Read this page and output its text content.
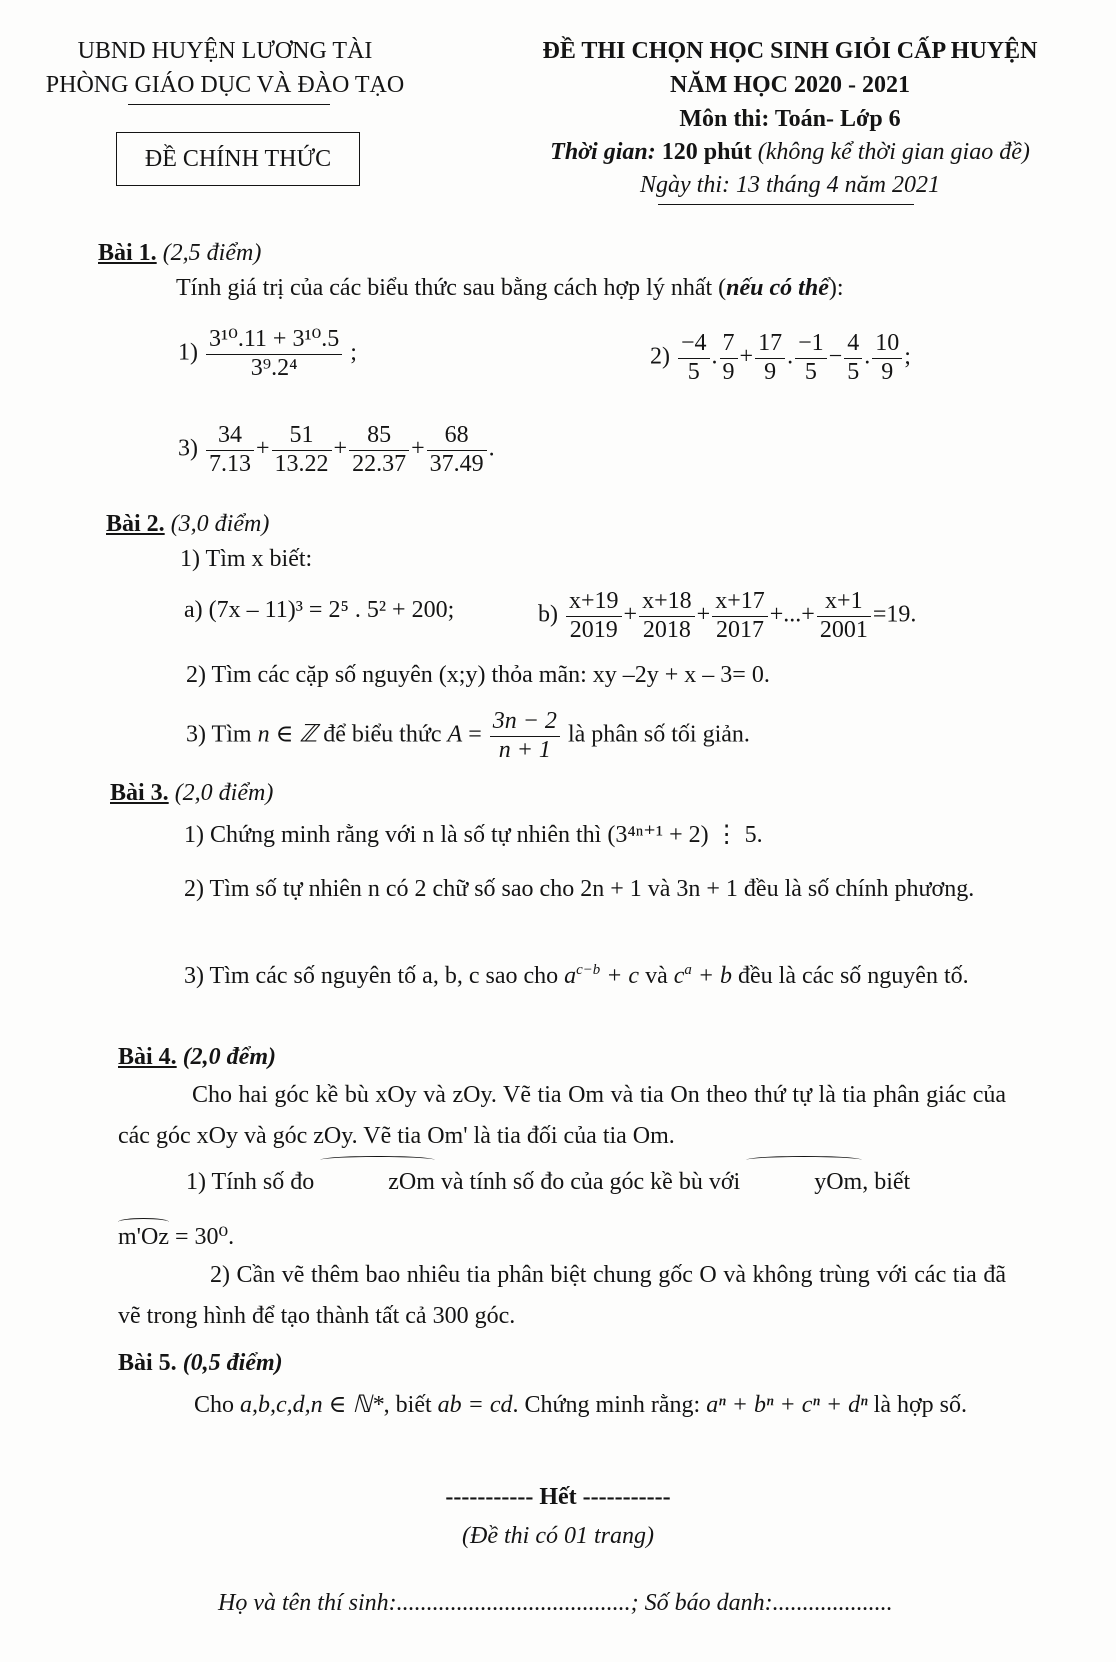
UBND HUYỆN LƯƠNG TÀI
PHÒNG GIÁO DỤC VÀ ĐÀO TẠO
ĐỀ CHÍNH THỨC
ĐỀ THI CHỌN HỌC SINH GIỎI CẤP HUYỆN
NĂM HỌC 2020 - 2021
Môn thi: Toán- Lớp 6
Thời gian: 120 phút (không kể thời gian giao đề)
Ngày thi: 13 tháng 4 năm 2021
Bài 1. (2,5 điểm)
Tính giá trị của các biểu thức sau bằng cách hợp lý nhất (nếu có thể):
$1) \frac{\text{3¹⁰.11 + 3¹⁰.5}}{\text{3⁹.2⁴}}$ ;	$2) \frac{-4}{5}$ . $\frac{7}{9} + \frac{17}{9}$ . $\frac{-1}{5} - \frac{4}{5}$ . $\frac{10}{9}$ ;
$3) \frac{34}{7.13} + \frac{51}{13.22} + \frac{85}{22.37} + \frac{68}{37.49}$ .
Bài 2. (3,0 điểm)
1) Tìm x biết:
a) (7x – 11)³ = 2⁵ . 5² + 200;	$b) \frac{x+19}{2019} + \frac{x+18}{2018} + \frac{x+17}{2017}$ +...+ $\frac{x+1}{2001} =19$.
2) Tìm các cặp số nguyên (x;y) thỏa mãn: xy –2y + x – 3= 0.
3) Tìm n ∈ ℤ để biểu thức $A = \frac{3n - 2}{n + 1}$ là phân số tối giản.
Bài 3. (2,0 điểm)
1) Chứng minh rằng với n là số tự nhiên thì (3⁴ⁿ⁺¹ + 2) ⋮ 5.
2) Tìm số tự nhiên n có 2 chữ số sao cho 2n + 1 và 3n + 1 đều là số chính phương.
3) Tìm các số nguyên tố a, b, c sao cho $a^{c-b} + c$ và $c^a + b$ đều là các số nguyên tố.
Bài 4. (2,0 đểm)
Cho hai góc kề bù xOy và zOy. Vẽ tia Om và tia On theo thứ tự là tia phân giác của các góc xOy và góc zOy. Vẽ tia Om' là tia đối của tia Om.
1) Tính số đo	zOm và tính số đo của góc kề bù với	yOm, biết
m'Oz = 30⁰.
2) Cần vẽ thêm bao nhiêu tia phân biệt chung gốc O và không trùng với các tia đã vẽ trong hình để tạo thành tất cả 300 góc.
Bài 5. (0,5 điểm)
Cho a,b,c,d,n ∈ ℕ*, biết ab = cd. Chứng minh rằng: aⁿ + bⁿ + cⁿ + dⁿ là hợp số.
----------- Hết -----------
(Đề thi có 01 trang)
Họ và tên thí sinh:.......................................; Số báo danh:....................
